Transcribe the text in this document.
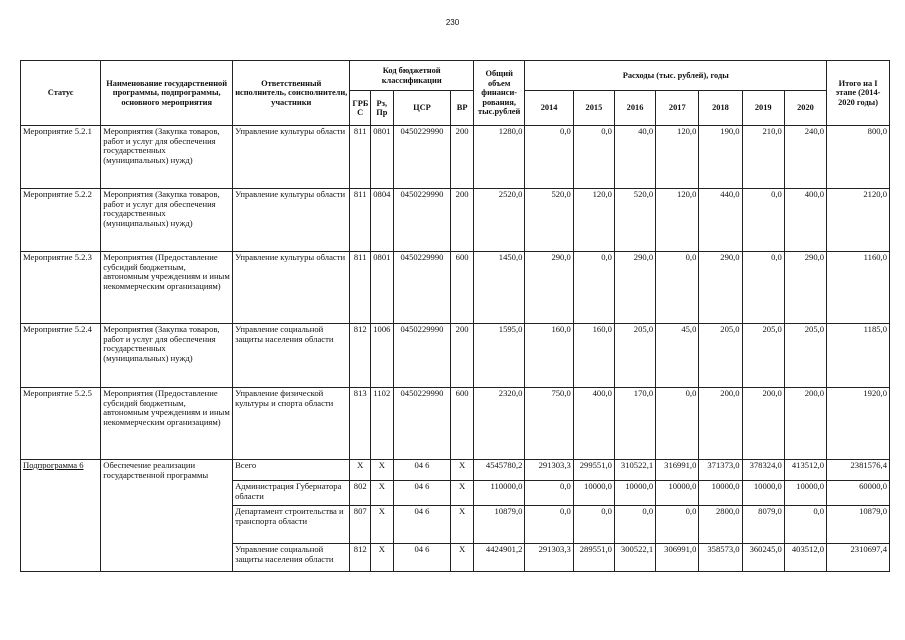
230
Статус	Наименование государственной программы, подпрограммы, основного мероприятия	Ответственный исполнитель, соисполнители, участники	Код бюджетной классификации				Общий объем финанси-рования, тыс.рублей	Расходы (тыс. рублей), годы							Итого на I этапе (2014-2020 годы)
			ГРБ С	Рз, Пр	ЦСР	ВР		2014	2015	2016	2017	2018	2019	2020	
Мероприятие 5.2.1	Мероприятия (Закупка товаров, работ и услуг для обеспечения государственных (муниципальных) нужд)	Управление культуры области	811	0801	0450229990	200	1280,0	0,0	0,0	40,0	120,0	190,0	210,0	240,0	800,0
Мероприятие 5.2.2	Мероприятия (Закупка товаров, работ и услуг для обеспечения государственных (муниципальных) нужд)	Управление культуры области	811	0804	0450229990	200	2520,0	520,0	120,0	520,0	120,0	440,0	0,0	400,0	2120,0
Мероприятие 5.2.3	Мероприятия (Предоставление субсидий бюджетным, автономным учреждениям и иным некоммерческим организациям)	Управление культуры области	811	0801	0450229990	600	1450,0	290,0	0,0	290,0	0,0	290,0	0,0	290,0	1160,0
Мероприятие 5.2.4	Мероприятия (Закупка товаров, работ и услуг для обеспечения государственных (муниципальных) нужд)	Управление социальной защиты населения области	812	1006	0450229990	200	1595,0	160,0	160,0	205,0	45,0	205,0	205,0	205,0	1185,0
Мероприятие 5.2.5	Мероприятия (Предоставление субсидий бюджетным, автономным учреждениям и иным некоммерческим организациям)	Управление физической культуры и спорта области	813	1102	0450229990	600	2320,0	750,0	400,0	170,0	0,0	200,0	200,0	200,0	1920,0
Подпрограмма 6	Обеспечение реализации государственной программы	Всего	Х	Х	04 6	Х	4545780,2	291303,3	299551,0	310522,1	316991,0	371373,0	378324,0	413512,0	2381576,4
		Администрация Губернатора области	802	Х	04 6	Х	110000,0	0,0	10000,0	10000,0	10000,0	10000,0	10000,0	10000,0	60000,0
		Департамент строительства и транспорта области	807	Х	04 6	Х	10879,0	0,0	0,0	0,0	0,0	2800,0	8079,0	0,0	10879,0
		Управление социальной защиты населения области	812	Х	04 6	Х	4424901,2	291303,3	289551,0	300522,1	306991,0	358573,0	360245,0	403512,0	2310697,4
